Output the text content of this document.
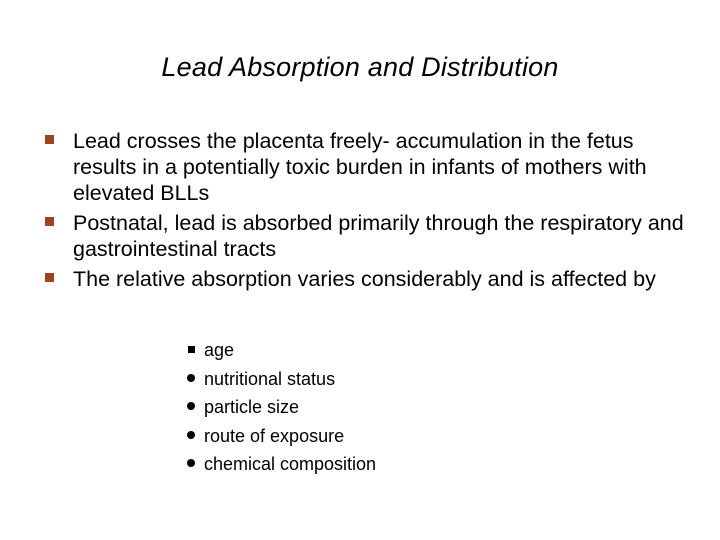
Lead Absorption and Distribution
Lead crosses the placenta freely- accumulation in the fetus results in a potentially toxic burden in infants of mothers with elevated BLLs
Postnatal, lead is absorbed primarily through the respiratory and gastrointestinal tracts
The relative absorption varies considerably and is affected by
age
nutritional status
particle size
route of exposure
chemical composition
